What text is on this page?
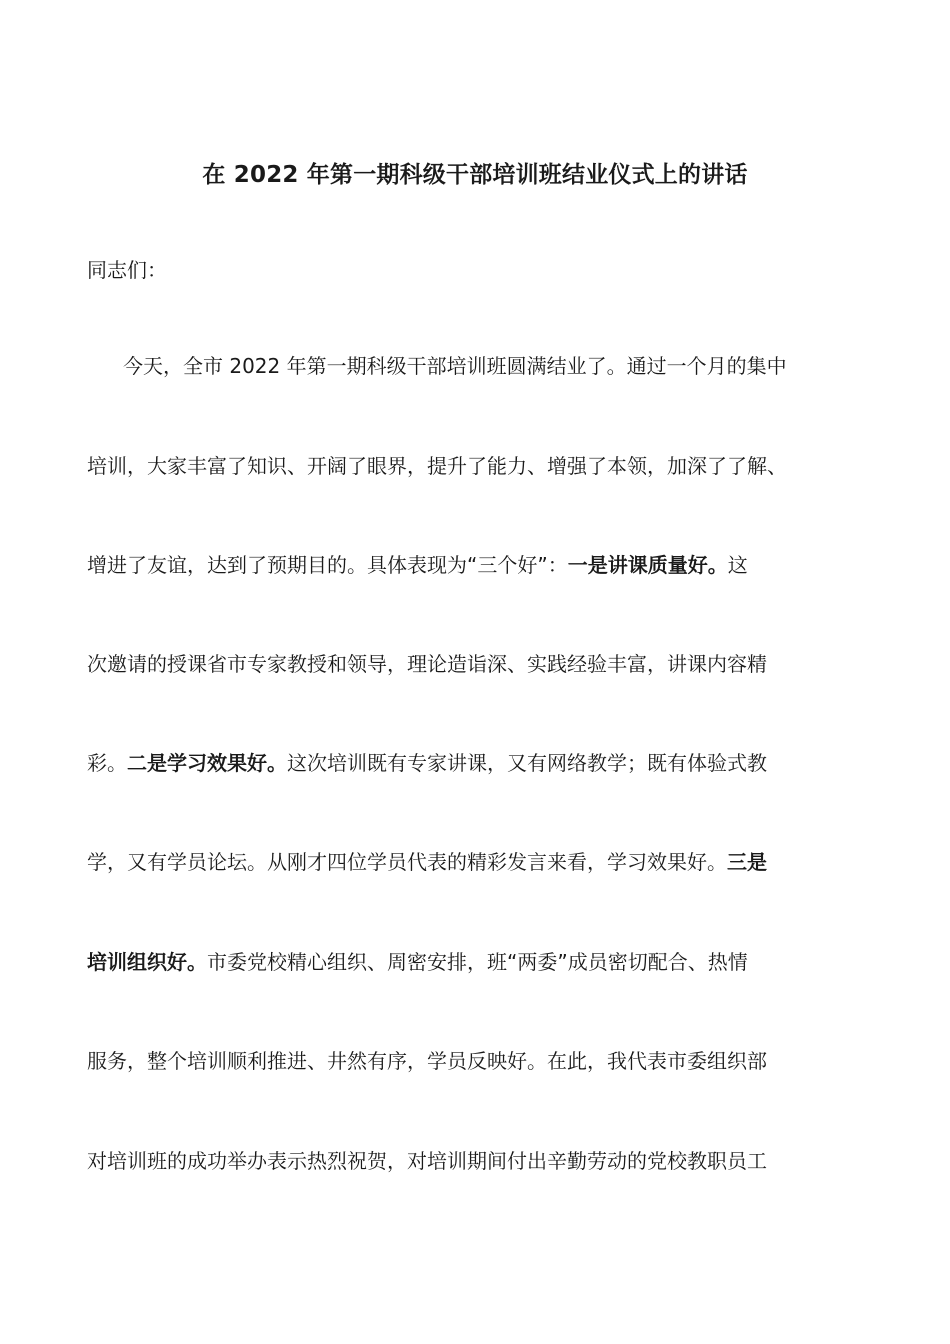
在 2022 年第一期科级干部培训班结业仪式上的讲话
同志们：
今天，全市 2022 年第一期科级干部培训班圆满结业了。通过一个月的集中
培训，大家丰富了知识、开阔了眼界，提升了能力、增强了本领，加深了了解、
增进了友谊，达到了预期目的。具体表现为“三个好”：一是讲课质量好。这
次邀请的授课省市专家教授和领导，理论造诣深、实践经验丰富，讲课内容精
彩。二是学习效果好。这次培训既有专家讲课，又有网络教学；既有体验式教
学，又有学员论坛。从刚才四位学员代表的精彩发言来看，学习效果好。三是
培训组织好。市委党校精心组织、周密安排，班“两委”成员密切配合、热情
服务，整个培训顺利推进、井然有序，学员反映好。在此，我代表市委组织部
对培训班的成功举办表示热烈祝贺，对培训期间付出辛勤劳动的党校教职员工
